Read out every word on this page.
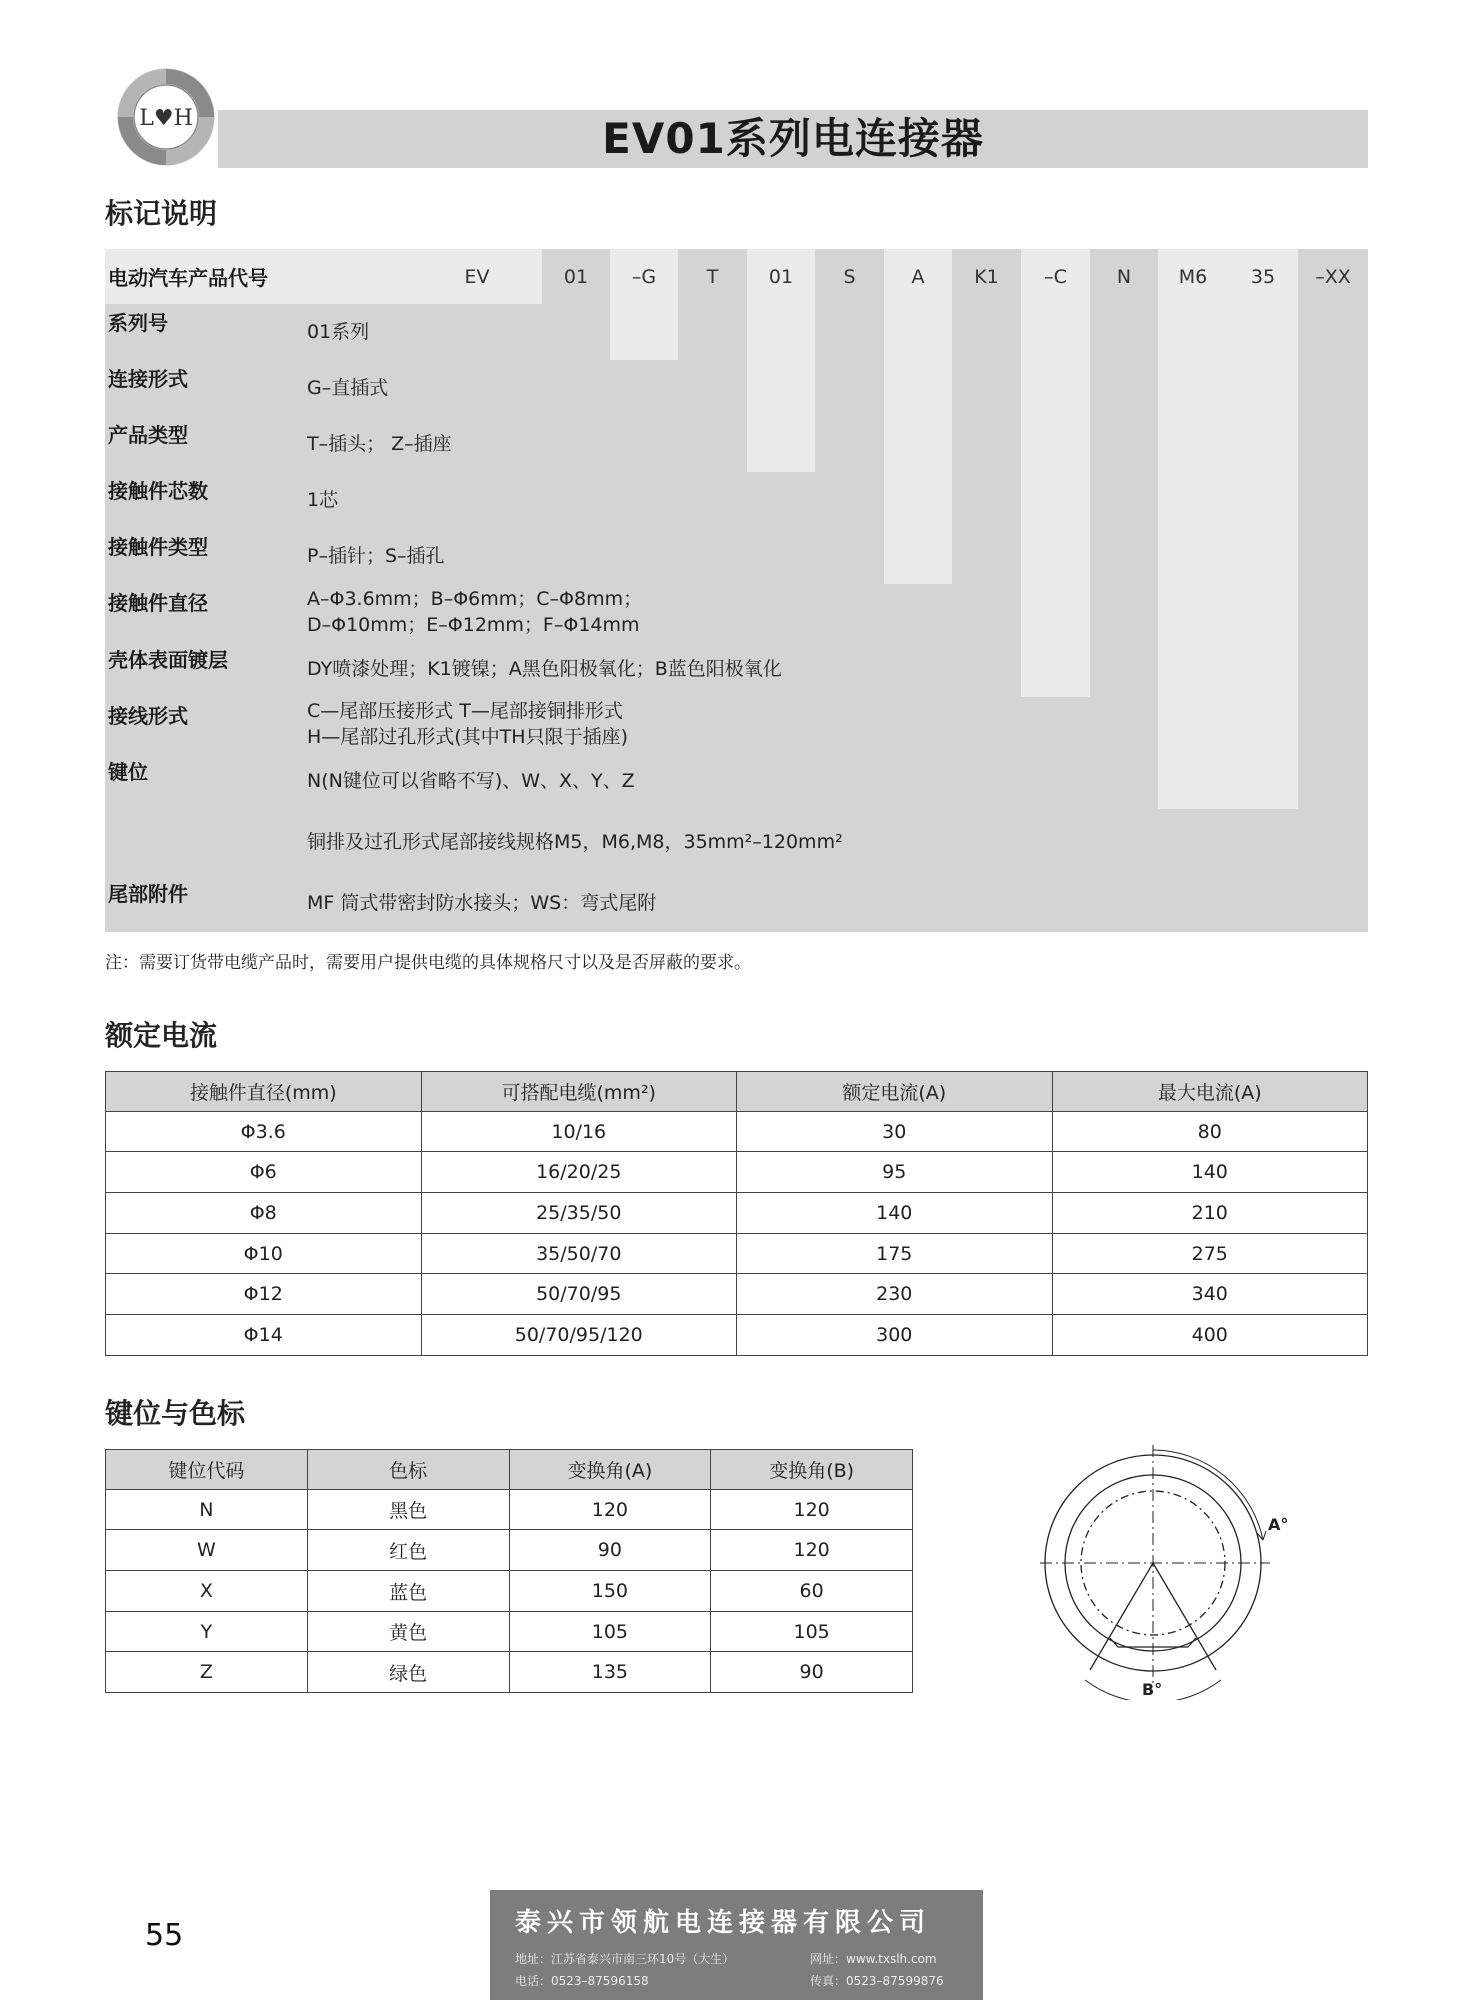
L♥H	EV01系列电连接器
标记说明
电动汽车产品代号	EV	01	–G	T	01	S	A	K1	–C	N	M6	35	–XX
系列号	01系列
连接形式	G–直插式
产品类型	T–插头； Z–插座
接触件芯数	1芯
接触件类型	P–插针；S–插孔
接触件直径	A–Φ3.6mm；B–Φ6mm；C–Φ8mm；
D–Φ10mm；E–Φ12mm；F–Φ14mm
壳体表面镀层	DY喷漆处理；K1镀镍；A黑色阳极氧化；B蓝色阳极氧化
接线形式	C—尾部压接形式 T—尾部接铜排形式
H—尾部过孔形式(其中TH只限于插座)
键位	N(N键位可以省略不写)、W、X、Y、Z
铜排及过孔形式尾部接线规格M5，M6,M8，35mm²–120mm²
尾部附件	MF 筒式带密封防水接头；WS：弯式尾附
注：需要订货带电缆产品时，需要用户提供电缆的具体规格尺寸以及是否屏蔽的要求。
额定电流
接触件直径(mm)	可搭配电缆(mm²)	额定电流(A)	最大电流(A)
Φ3.6	10/16	30	80
Φ6	16/20/25	95	140
Φ8	25/35/50	140	210
Φ10	35/50/70	175	275
Φ12	50/70/95	230	340
Φ14	50/70/95/120	300	400
键位与色标
键位代码	色标	变换角(A)	变换角(B)
N	黑色	120	120
W	红色	90	120
X	蓝色	150	60
Y	黄色	105	105
Z	绿色	135	90
A°
B°
55	泰兴市领航电连接器有限公司
地址：江苏省泰兴市南三环10号（大生）	网址：www.txslh.com
电话：0523–87596158	传真：0523–87599876
